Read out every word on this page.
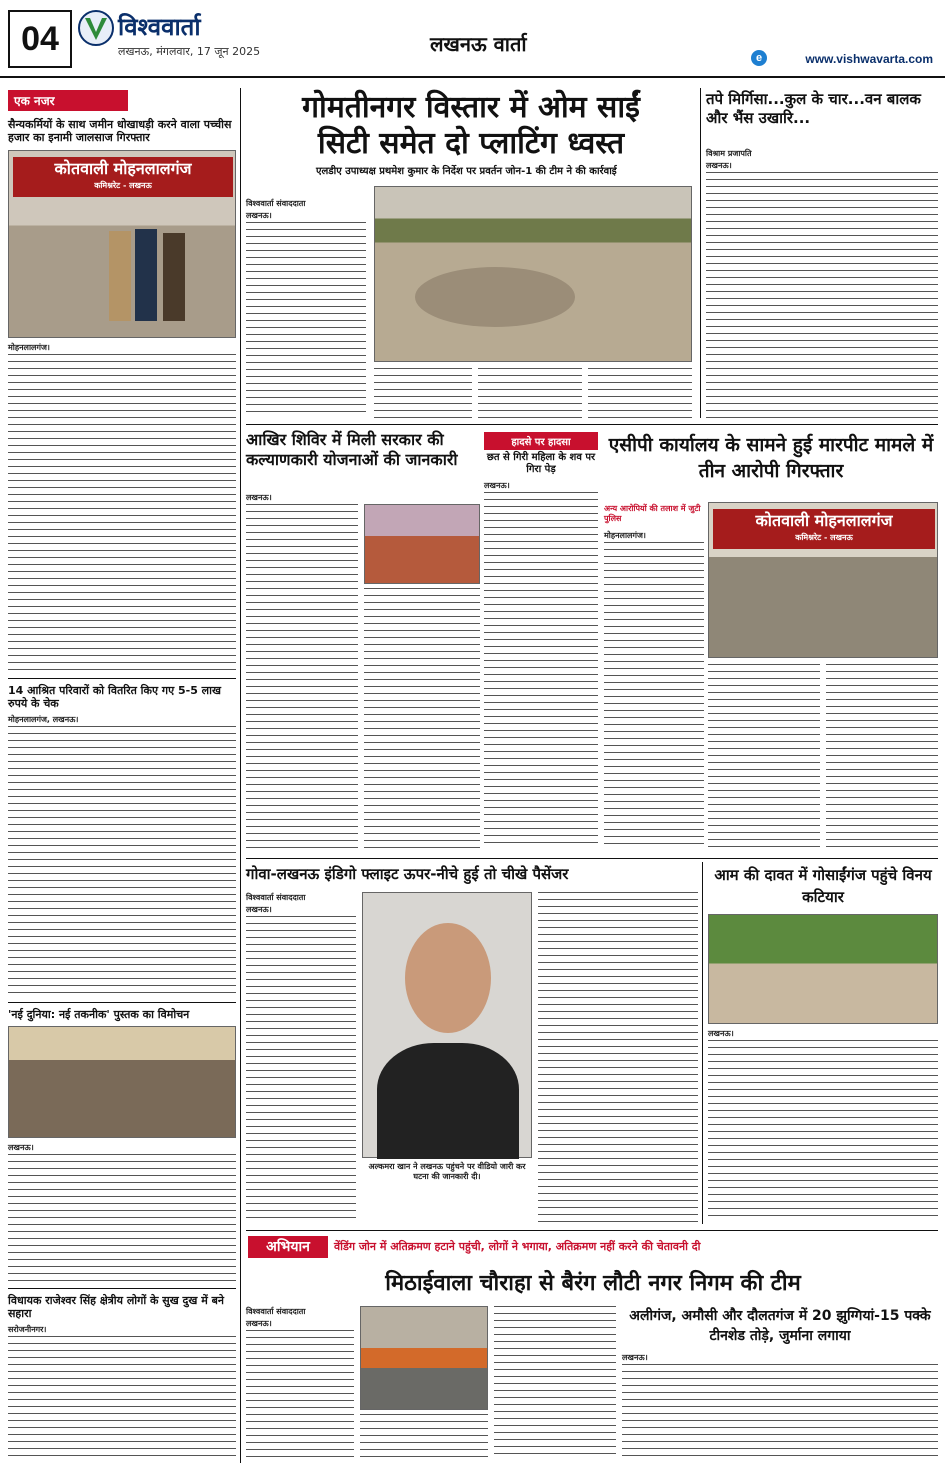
04	विश्ववार्ता
लखनऊ, मंगलवार, 17 जून 2025	लखनऊ वार्ता
e	www.vishwavarta.com
एक नजर
सैन्यकर्मियों के साथ जमीन धोखाधड़ी करने वाला पच्चीस हजार का इनामी जालसाज गिरफ्तार
कोतवाली मोहनलालगंज
कमिश्नरेट - लखनऊ
मोहनलालगंज।
14 आश्रित परिवारों को वितरित किए गए 5-5 लाख रुपये के चेक
मोहनलालगंज, लखनऊ।
'नई दुनिया: नई तकनीक' पुस्तक का विमोचन
लखनऊ।
विधायक राजेश्वर सिंह क्षेत्रीय लोगों के सुख दुख में बने सहारा
सरोजनीनगर।
गोमतीनगर विस्तार में ओम साईं
सिटी समेत दो प्लाटिंग ध्वस्त
एलडीए उपाध्यक्ष प्रथमेश कुमार के निर्देश पर प्रवर्तन जोन-1 की टीम ने की कार्रवाई
विश्ववार्ता संवाददाता
लखनऊ।
तपे मिर्गिसा...कुल के चार...वन बालक और भैंस उखारि...
विश्राम प्रजापति
लखनऊ।
आखिर शिविर में मिली सरकार की कल्याणकारी योजनाओं की जानकारी
लखनऊ।
हादसे पर हादसा
छत से गिरी महिला के शव पर गिरा पेड़
लखनऊ।
एसीपी कार्यालय के सामने हुई मारपीट मामले में तीन आरोपी गिरफ्तार
अन्य आरोपियों की तलाश में जुटी पुलिस	कोतवाली मोहनलालगंज
कमिश्नरेट - लखनऊ
मोहनलालगंज।
गोवा-लखनऊ इंडिगो फ्लाइट ऊपर-नीचे हुई तो चीखे पैसेंजर
विश्ववार्ता संवाददाता
लखनऊ।
अल्कमरा खान ने लखनऊ पहुंचने पर वीडियो जारी कर घटना की जानकारी दी।
आम की दावत में गोसाईंगंज पहुंचे विनय कटियार
लखनऊ।
अभियान	वेंडिंग जोन में अतिक्रमण हटाने पहुंची, लोगों ने भगाया, अतिक्रमण नहीं करने की चेतावनी दी
मिठाईवाला चौराहा से बैरंग लौटी नगर निगम की टीम
विश्ववार्ता संवाददाता
लखनऊ।	अलीगंज, अमौसी और दौलतगंज में 20 झुग्गियां-15 पक्के टीनशेड तोड़े, जुर्माना लगाया
लखनऊ।
